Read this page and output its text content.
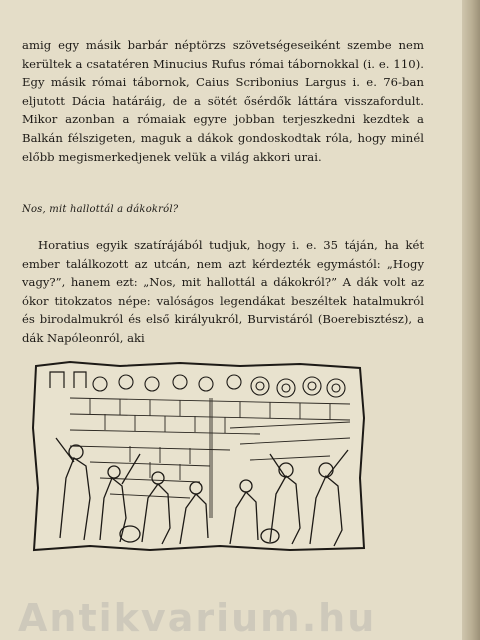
amig egy másik barbár néptörzs szövetségeseiként szembe nem kerültek a csatatéren Minucius Rufus római tábornokkal (i. e. 110). Egy másik római tábornok, Caius Scribonius Largus i. e. 76-ban eljutott Dácia határáig, de a sötét ősérdők láttára visszafordult. Mikor azonban a rómaiak egyre jobban terjeszkedni kezdtek a Balkán félszigeten, maguk a dákok gondoskodtak róla, hogy minél előbb megismerkedjenek velük a világ akkori urai.

Nos, mit hallottál a dákokról?

Horatius egyik szatírájából tudjuk, hogy i. e. 35 táján, ha két ember találkozott az utcán, nem azt kérdezték egymástól: „Hogy vagy?”, hanem ezt: „Nos, mit hallottál a dákokról?” A dák volt az ókor titokzatos népe: valóságos legendákat beszéltek hatalmukról és birodalmukról és első királyukról, Burvistáról (Boerebisztész), a dák Napóleonról, aki

Antikvarium.hu
